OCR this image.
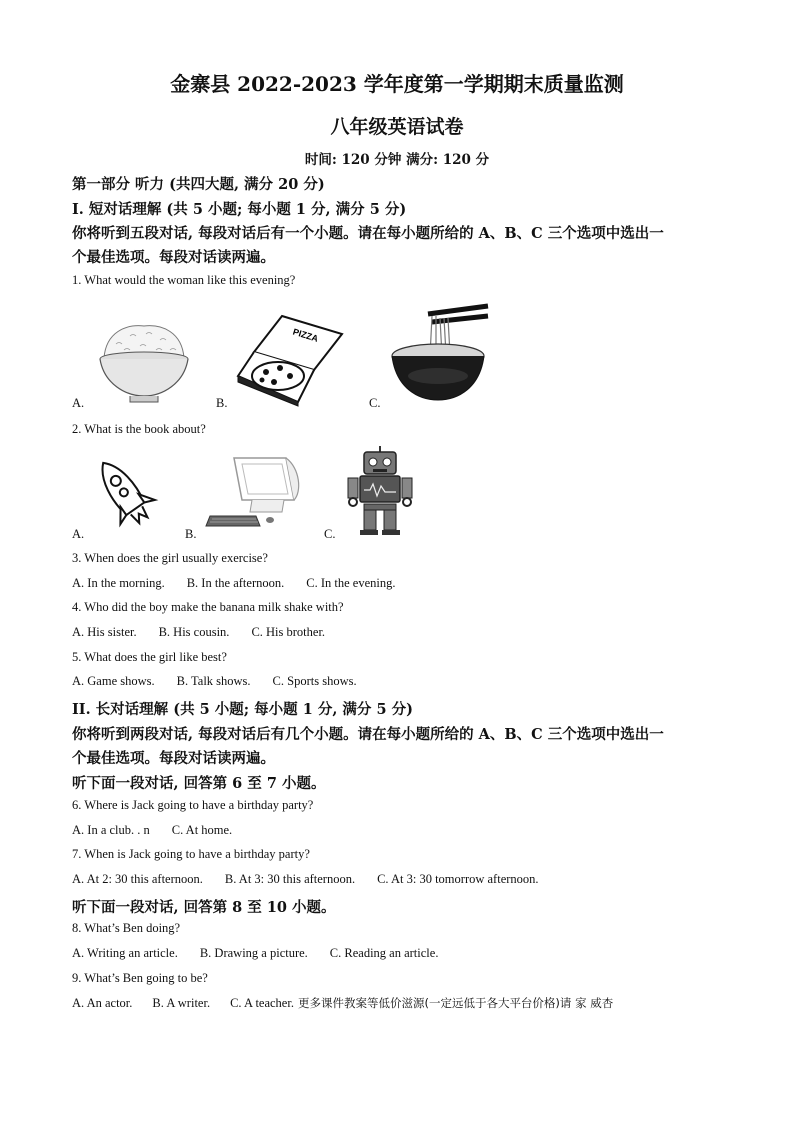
金寨县 2022-2023 学年度第一学期期末质量监测
八年级英语试卷
时间: 120 分钟 满分: 120 分
第一部分 听力 (共四大题, 满分 20 分)
I. 短对话理解 (共 5 小题; 每小题 1 分, 满分 5 分)
你将听到五段对话, 每段对话后有一个小题。请在每小题所给的 A、B、C 三个选项中选出一
个最佳选项。每段对话读两遍。
1. What would the woman like this evening?
PIZZA
A.	B.	C.
2. What is the book about?
A.	B.	C.
3. When does the girl usually exercise?
A. In the morning. B. In the afternoon. C. In the evening.
4. Who did the boy make the banana milk shake with?
A. His sister. B. His cousin. C. His brother.
5. What does the girl like best?
A. Game shows. B. Talk shows. C. Sports shows.
II. 长对话理解 (共 5 小题; 每小题 1 分, 满分 5 分)
你将听到两段对话, 每段对话后有几个小题。请在每小题所给的 A、B、C 三个选项中选出一
个最佳选项。每段对话读两遍。
听下面一段对话, 回答第 6 至 7 小题。
6. Where is Jack going to have a birthday party?
A. In a club. . n C. At home.
7. When is Jack going to have a birthday party?
A. At 2: 30 this afternoon. B. At 3: 30 this afternoon. C. At 3: 30 tomorrow afternoon.
听下面一段对话, 回答第 8 至 10 小题。
8. What’s Ben doing?
A. Writing an article. B. Drawing a picture. C. Reading an article.
9. What’s Ben going to be?
A. An actor. B. A writer. C. A teacher. 更多课件教案等低价滋源(一定远低于各大平台价格)请 家 威杏
